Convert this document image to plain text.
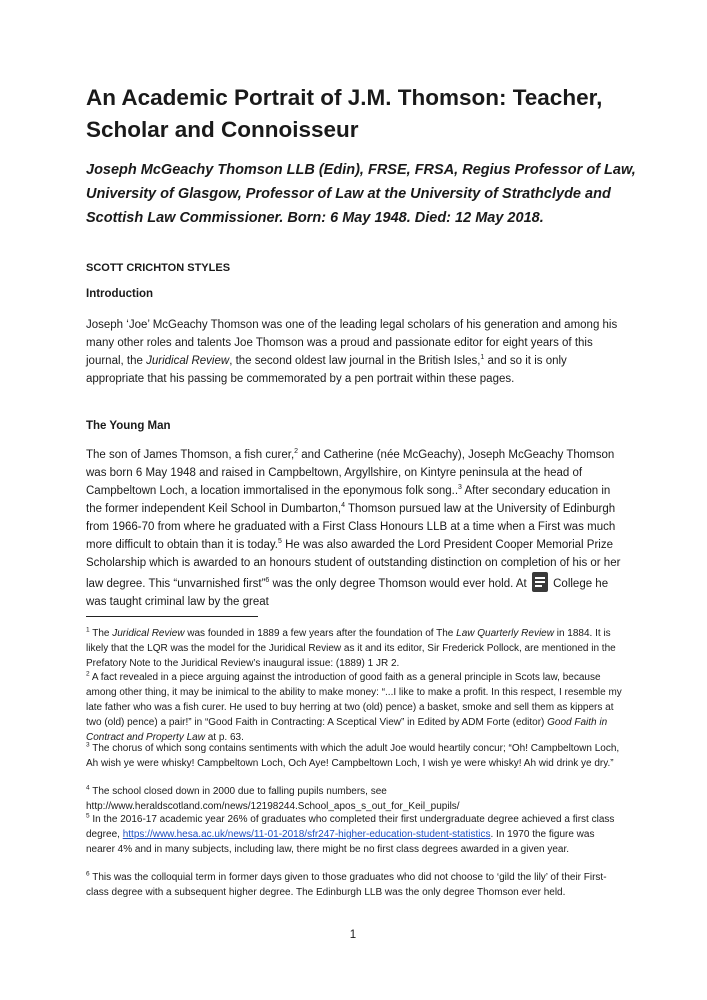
An Academic Portrait of J.M. Thomson: Teacher, Scholar and Connoisseur

Joseph McGeachy Thomson LLB (Edin), FRSE, FRSA, Regius Professor of Law, University of Glasgow, Professor of Law at the University of Strathclyde and Scottish Law Commissioner. Born: 6 May 1948. Died: 12 May 2018.

SCOTT CRICHTON STYLES

Introduction

Joseph ‘Joe’ McGeachy Thomson was one of the leading legal scholars of his generation and among his many other roles and talents Joe Thomson was a proud and passionate editor for eight years of this journal, the Juridical Review, the second oldest law journal in the British Isles,$^1$ and so it is only appropriate that his passing be commemorated by a pen portrait within these pages.

The Young Man

The son of James Thomson, a fish curer,$^2$ and Catherine (née McGeachy), Joseph McGeachy Thomson was born 6 May 1948 and raised in Campbeltown, Argyllshire, on Kintyre peninsula at the head of Campbeltown Loch, a location immortalised in the eponymous folk song..$^3$ After secondary education in the former independent Keil School in Dumbarton,$^4$ Thomson pursued law at the University of Edinburgh from 1966-70 from where he graduated with a First Class Honours LLB at a time when a First was much more difficult to obtain than it is today.$^5$ He was also awarded the Lord President Cooper Memorial Prize Scholarship which is awarded to an honours student of outstanding distinction on completion of his or her law degree. This “unvarnished first”$^6$ was the only degree Thomson would ever hold. At
College he was taught criminal law by the great

$^1$ The Juridical Review was founded in 1889 a few years after the foundation of The Law Quarterly Review in 1884. It is likely that the LQR was the model for the Juridical Review as it and its editor, Sir Frederick Pollock, are mentioned in the Prefatory Note to the Juridical Review’s inaugural issue: (1889) 1 JR 2.

$^2$ A fact revealed in a piece arguing against the introduction of good faith as a general principle in Scots law, because among other thing, it may be inimical to the ability to make money: “...I like to make a profit. In this respect, I resemble my late father who was a fish curer. He used to buy herring at two (old) pence) a basket, smoke and sell them as kippers at two (old) pence) a pair!” in “Good Faith in Contracting: A Sceptical View” in Edited by ADM Forte (editor) Good Faith in Contract and Property Law at p. 63.

$^3$ The chorus of which song contains sentiments with which the adult Joe would heartily concur; “Oh! Campbeltown Loch, Ah wish ye were whisky! Campbeltown Loch, Och Aye! Campbeltown Loch, I wish ye were whisky! Ah wid drink ye dry.”

$^4$ The school closed down in 2000 due to falling pupils numbers, see http://www.heraldscotland.com/news/12198244.School_apos_s_out_for_Keil_pupils/

$^5$ In the 2016-17 academic year 26% of graduates who completed their first undergraduate degree achieved a first class degree, https://www.hesa.ac.uk/news/11-01-2018/sfr247-higher-education-student-statistics. In 1970 the figure was nearer 4% and in many subjects, including law, there might be no first class degrees awarded in a given year.

$^6$ This was the colloquial term in former days given to those graduates who did not choose to ‘gild the lily’ of their First-class degree with a subsequent higher degree. The Edinburgh LLB was the only degree Thomson ever held.

1
